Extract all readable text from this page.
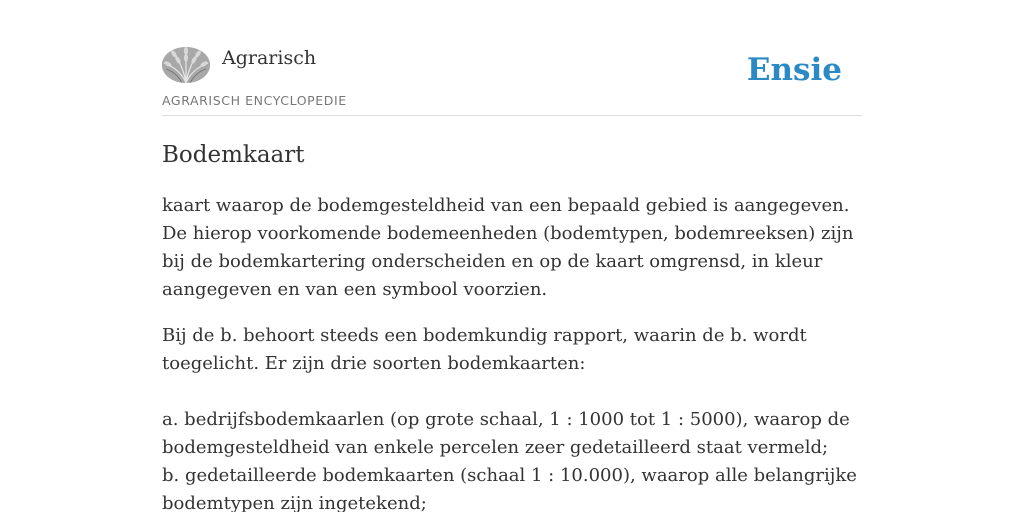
Agrarisch
AGRARISCH ENCYCLOPEDIE
Ensie
Bodemkaart

kaart waarop de bodemgesteldheid van een bepaald gebied is aangegeven. De hierop voorkomende bodemeenheden (bodemtypen, bodemreeksen) zijn bij de bodemkartering onderscheiden en op de kaart omgrensd, in kleur aangegeven en van een symbool voorzien.

Bij de b. behoort steeds een bodemkundig rapport, waarin de b. wordt toegelicht. Er zijn drie soorten bodemkaarten:

a. bedrijfsbodemkaarlen (op grote schaal, 1 : 1000 tot 1 : 5000), waarop de bodemgesteldheid van enkele percelen zeer gedetailleerd staat vermeld;
b. gedetailleerde bodemkaarten (schaal 1 : 10.000), waarop alle belangrijke bodemtypen zijn ingetekend;
